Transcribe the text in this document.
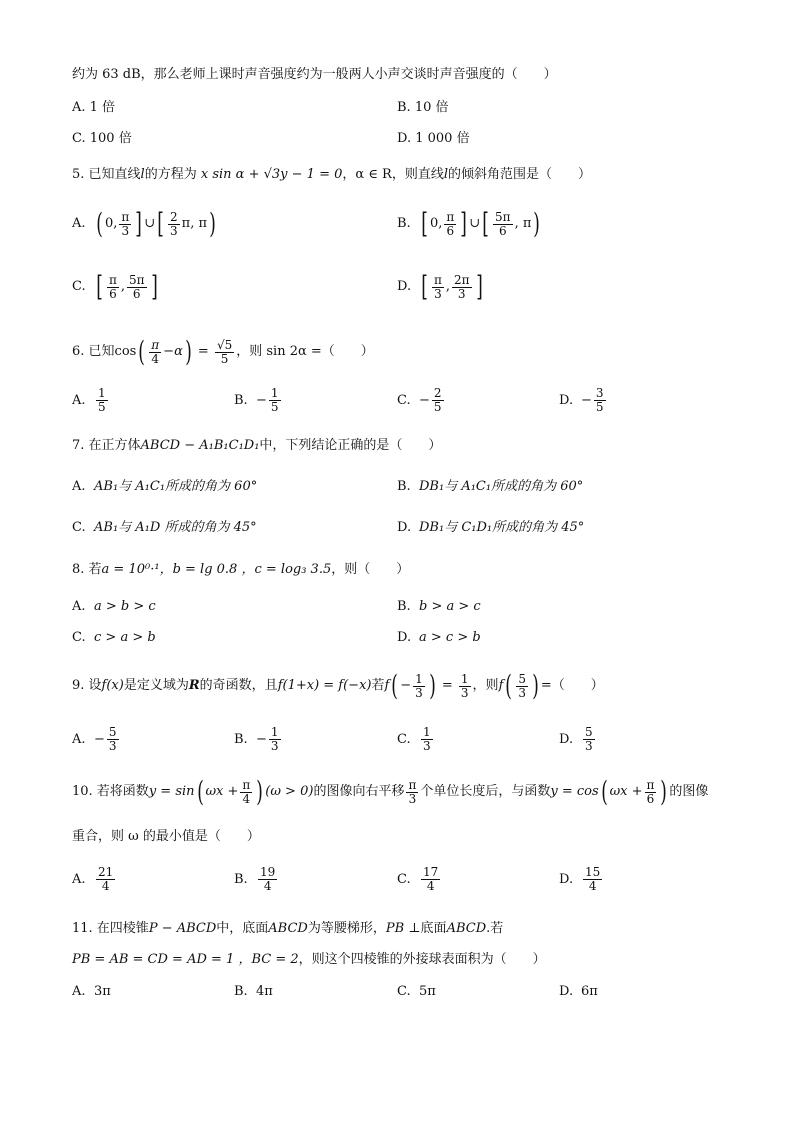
约为 63 dB，那么老师上课时声音强度约为一般两人小声交谈时声音强度的（　　）
A. 1 倍	B. 10 倍
C. 100 倍	D. 1 000 倍
5. 已知直线l的方程为 x sin α + √3y − 1 = 0，α ∈ R，则直线l的倾斜角范围是（　　）
A. ( 0 , $\frac{\pi}{3}$ ] ∪ [ $\frac{2}{3} \pi$, π )	B. [ 0 , $\frac{\pi}{6}$ ] ∪ [ $\frac{5\pi}{6}$ , π )
C. [ $\frac{\pi}{6}$ , $\frac{5\pi}{6}$ ]	D. [ $\frac{\pi}{3}$ , $\frac{2\pi}{3}$ ]
6. 已知 cos ( $\frac{\pi}{4} - \alpha$ ) = $\frac{√5}{5}$ ，则 sin 2α =（　　）
A. $\frac{1}{5}$	B. − $\frac{1}{5}$	C. − $\frac{2}{5}$	D. − $\frac{3}{5}$
7. 在正方体ABCD − A₁B₁C₁D₁中，下列结论正确的是（　　）
A. AB₁与 A₁C₁所成的角为 60°	B. DB₁与 A₁C₁所成的角为 60°
C. AB₁与 A₁D 所成的角为 45°	D. DB₁与 C₁D₁所成的角为 45°
8. 若a = 10⁰·¹，b = lg 0.8 ，c = log₃ 3.5，则（　　）
A. a > b > c	B. b > a > c
C. c > a > b	D. a > c > b
9. 设 f(x) 是定义域为 R 的奇函数，且 f(1+x) = f(−x) 若 f ( − $\frac{1}{3}$ ) = $\frac{1}{3}$ ，则 f ( $\frac{5}{3}$ ) =（　　）
A. − $\frac{5}{3}$	B. − $\frac{1}{3}$	C. $\frac{1}{3}$	D. $\frac{5}{3}$
10. 若将函数 y = sin ( $\omega x + \frac{\pi}{4}$ ) (ω > 0) 的图像向右平移 $\frac{\pi}{3}$ 个单位长度后，与函数 y = cos ( $\omega x + \frac{\pi}{6}$ ) 的图像
重合，则 ω 的最小值是（　　）
A. $\frac{21}{4}$	B. $\frac{19}{4}$	C. $\frac{17}{4}$	D. $\frac{15}{4}$
11. 在四棱锥P − ABCD中，底面ABCD为等腰梯形，PB ⊥底面ABCD.若
PB = AB = CD = AD = 1 ，BC = 2，则这个四棱锥的外接球表面积为（　　）
A. 3π	B. 4π	C. 5π	D. 6π
